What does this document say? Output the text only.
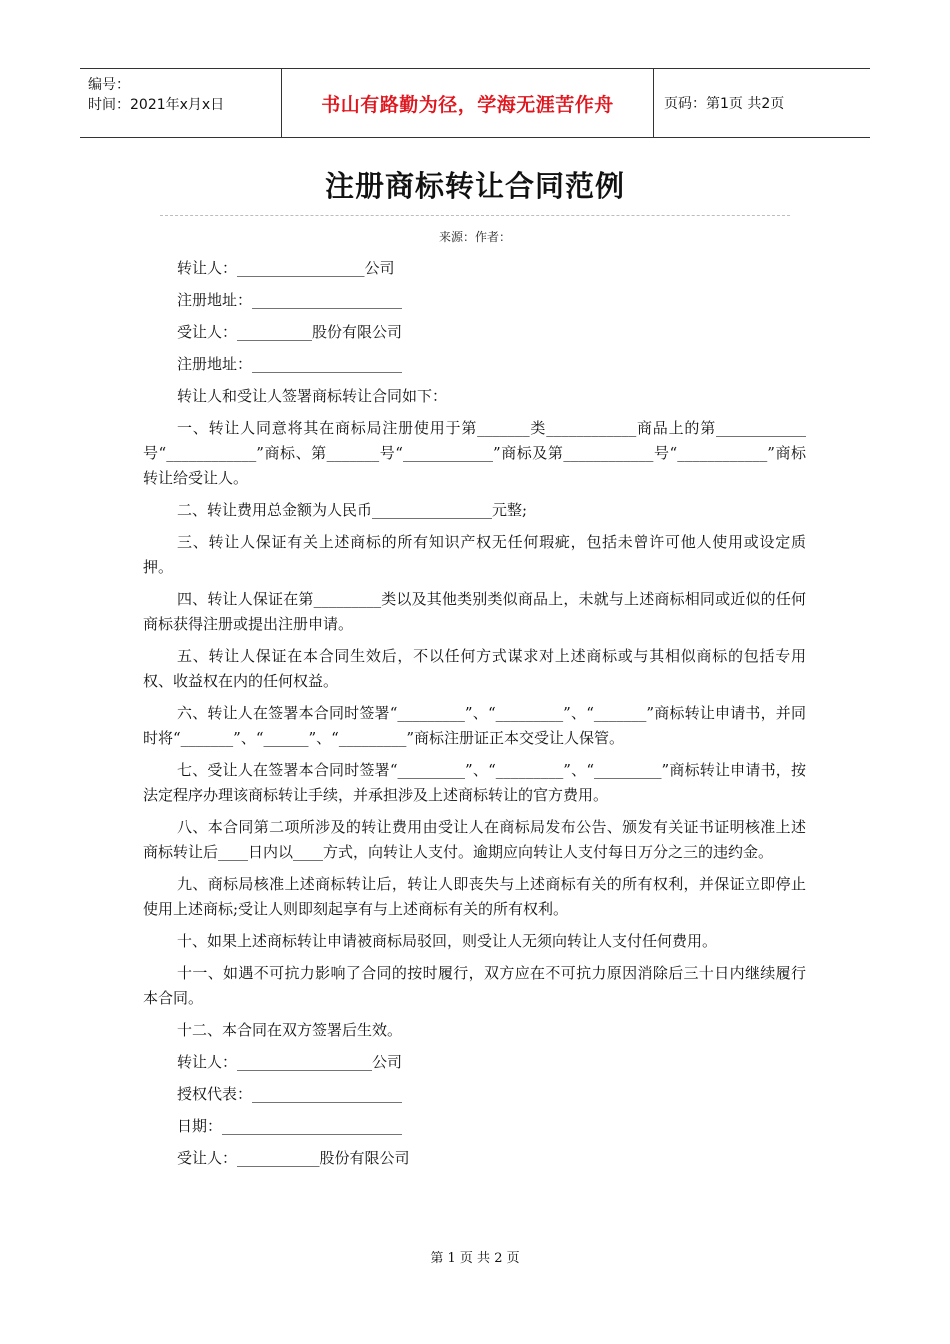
编号：
时间：2021年x月x日	书山有路勤为径，学海无涯苦作舟	页码：第1页 共2页
注册商标转让合同范例
来源：作者：

转让人：_________________公司

注册地址：____________________

受让人：__________股份有限公司

注册地址：____________________

转让人和受让人签署商标转让合同如下：

一、转让人同意将其在商标局注册使用于第_______类____________商品上的第____________号“____________”商标、第_______号“____________”商标及第____________号“____________”商标转让给受让人。

二、转让费用总金额为人民币________________元整;

三、转让人保证有关上述商标的所有知识产权无任何瑕疵，包括未曾许可他人使用或设定质押。

四、转让人保证在第_________类以及其他类别类似商品上，未就与上述商标相同或近似的任何商标获得注册或提出注册申请。

五、转让人保证在本合同生效后，不以任何方式谋求对上述商标或与其相似商标的包括专用权、收益权在内的任何权益。

六、转让人在签署本合同时签署“_________”、“_________”、“_______”商标转让申请书，并同时将“_______”、“______”、“_________”商标注册证正本交受让人保管。

七、受让人在签署本合同时签署“_________”、“_________”、“_________”商标转让申请书，按法定程序办理该商标转让手续，并承担涉及上述商标转让的官方费用。

八、本合同第二项所涉及的转让费用由受让人在商标局发布公告、颁发有关证书证明核准上述商标转让后____日内以____方式，向转让人支付。逾期应向转让人支付每日万分之三的违约金。

九、商标局核准上述商标转让后，转让人即丧失与上述商标有关的所有权利，并保证立即停止使用上述商标;受让人则即刻起享有与上述商标有关的所有权利。

十、如果上述商标转让申请被商标局驳回，则受让人无须向转让人支付任何费用。

十一、如遇不可抗力影响了合同的按时履行，双方应在不可抗力原因消除后三十日内继续履行本合同。

十二、本合同在双方签署后生效。

转让人：__________________公司

授权代表：____________________

日期：________________________

受让人：___________股份有限公司

第 1 页 共 2 页
